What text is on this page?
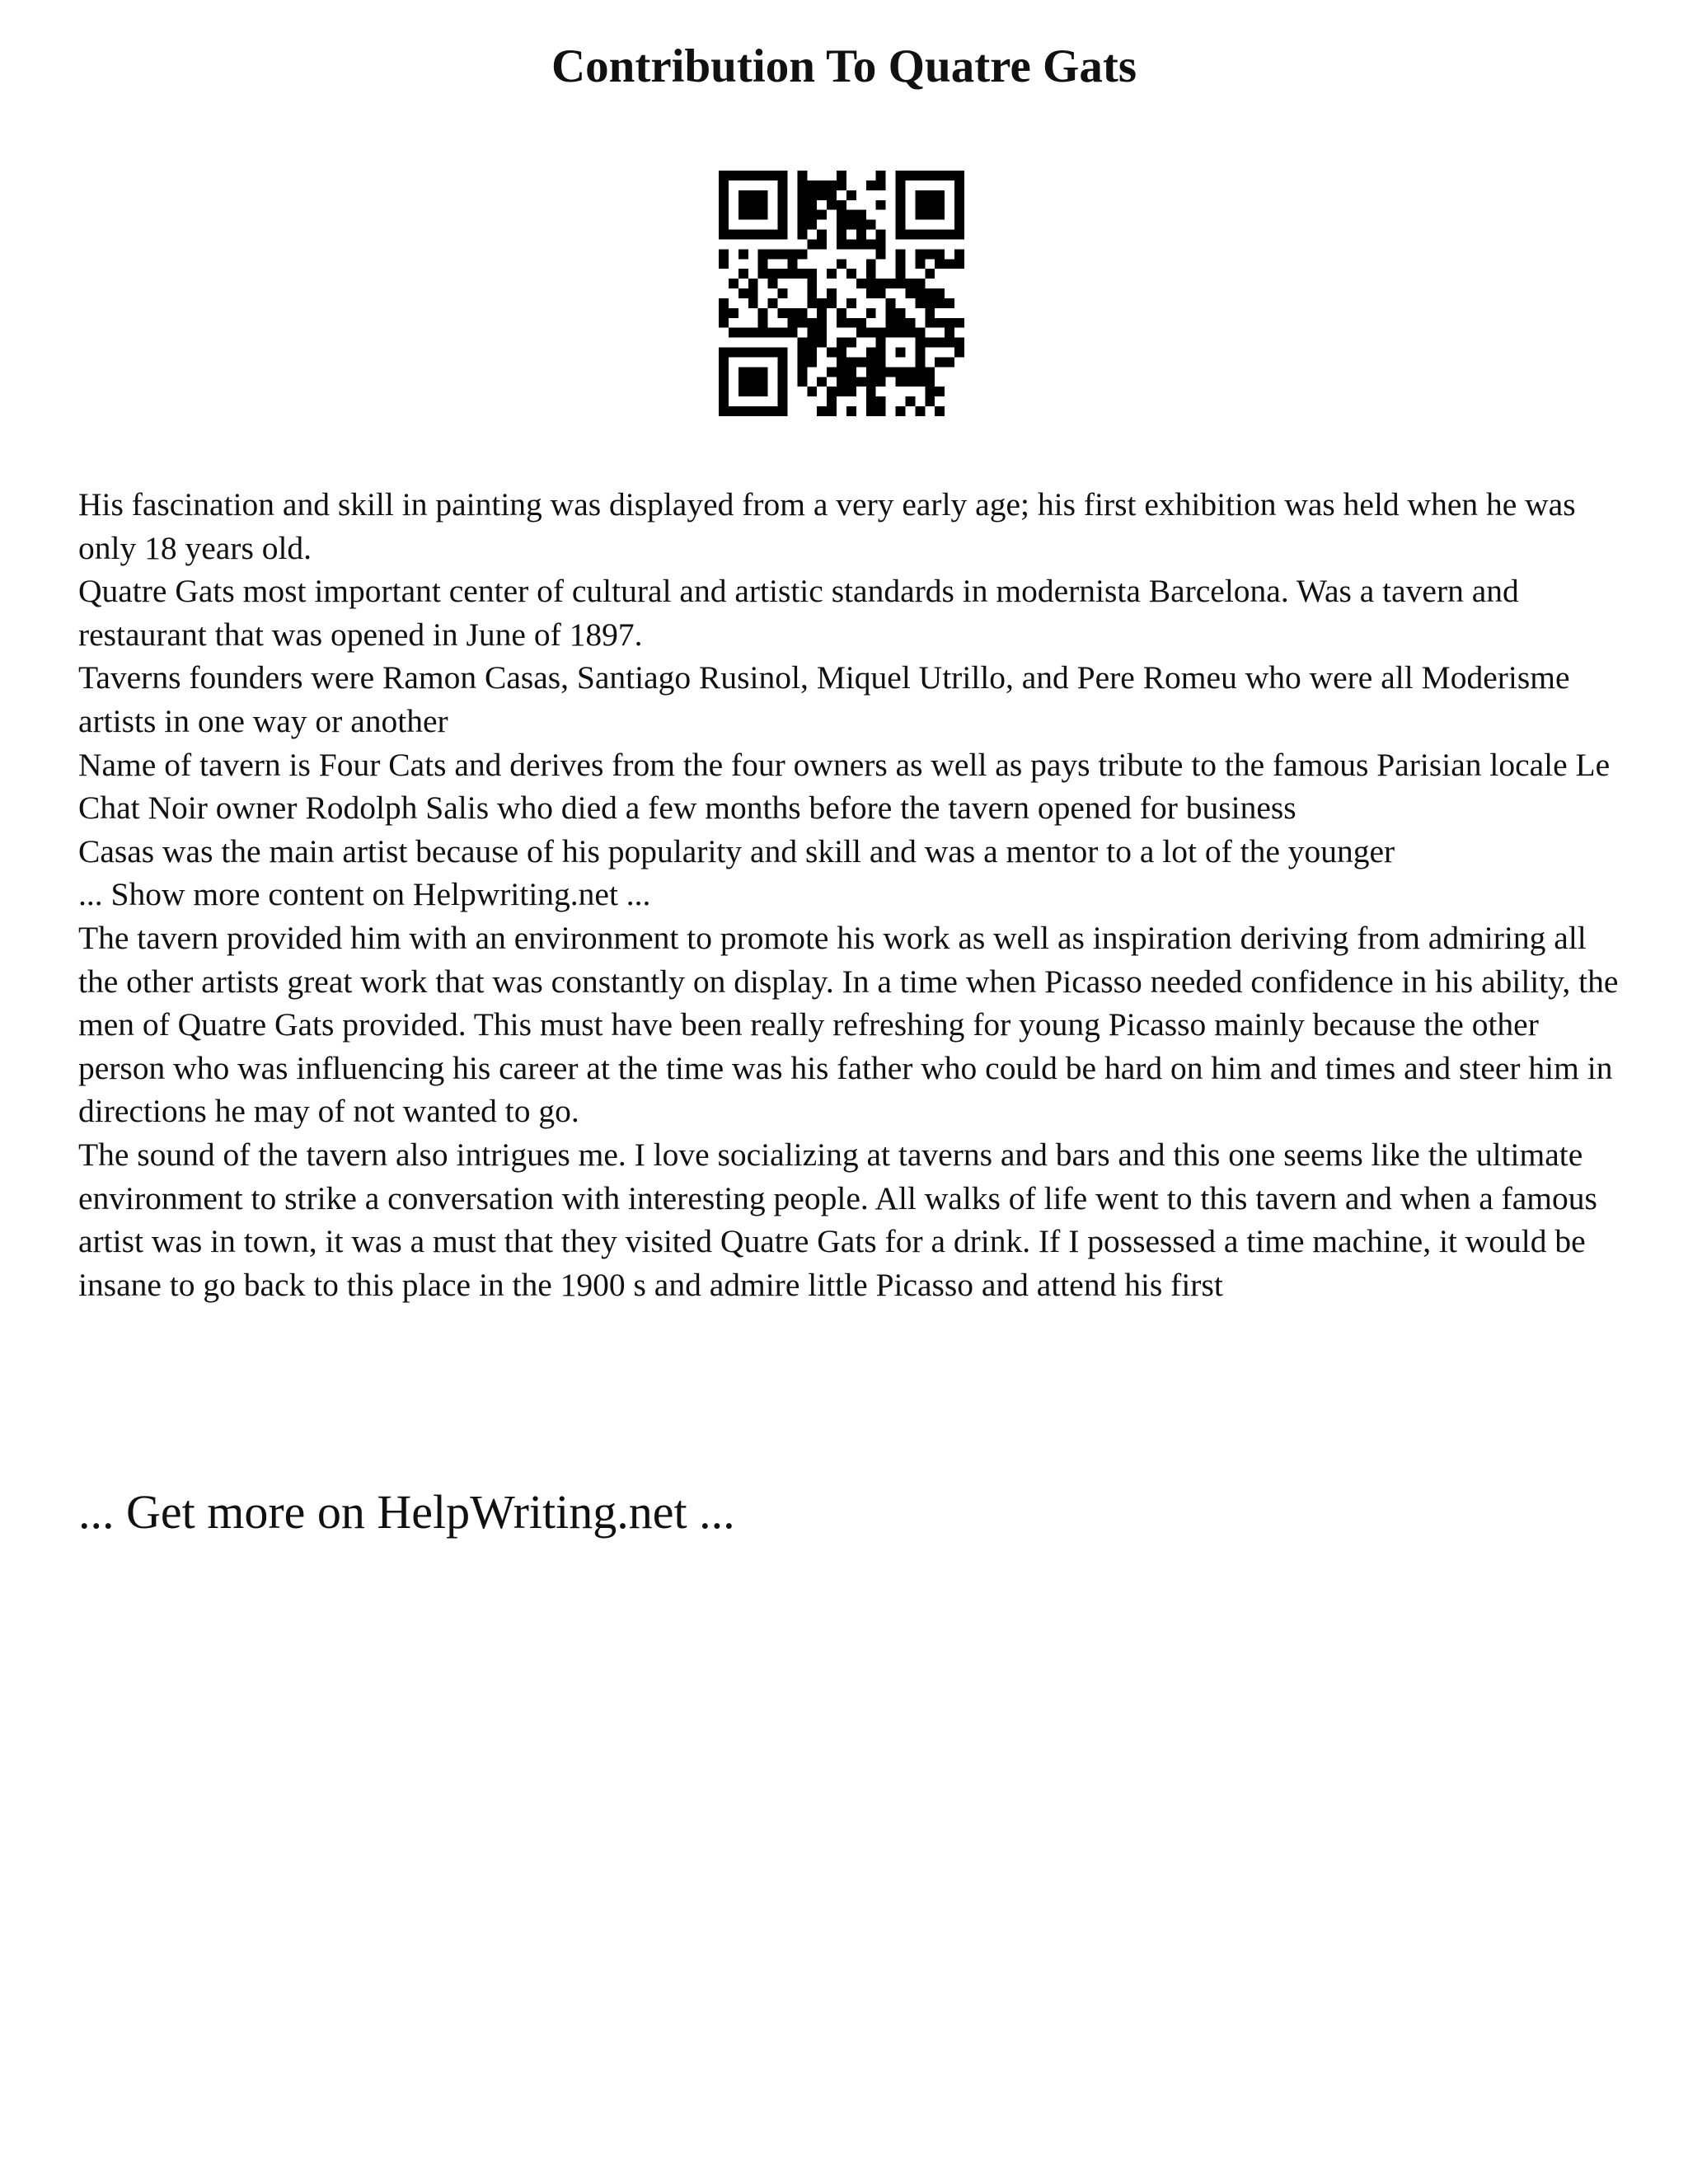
Contribution To Quatre Gats

His fascination and skill in painting was displayed from a very early age; his first exhibition was held when he was only 18 years old.

Quatre Gats most important center of cultural and artistic standards in modernista Barcelona. Was a tavern and restaurant that was opened in June of 1897.

Taverns founders were Ramon Casas, Santiago Rusinol, Miquel Utrillo, and Pere Romeu who were all Moderisme artists in one way or another

Name of tavern is Four Cats and derives from the four owners as well as pays tribute to the famous Parisian locale Le Chat Noir owner Rodolph Salis who died a few months before the tavern opened for business

Casas was the main artist because of his popularity and skill and was a mentor to a lot of the younger

... Show more content on Helpwriting.net ...

The tavern provided him with an environment to promote his work as well as inspiration deriving from admiring all the other artists great work that was constantly on display. In a time when Picasso needed confidence in his ability, the men of Quatre Gats provided. This must have been really refreshing for young Picasso mainly because the other person who was influencing his career at the time was his father who could be hard on him and times and steer him in directions he may of not wanted to go.

The sound of the tavern also intrigues me. I love socializing at taverns and bars and this one seems like the ultimate environment to strike a conversation with interesting people. All walks of life went to this tavern and when a famous artist was in town, it was a must that they visited Quatre Gats for a drink. If I possessed a time machine, it would be insane to go back to this place in the 1900 s and admire little Picasso and attend his first

... Get more on HelpWriting.net ...
